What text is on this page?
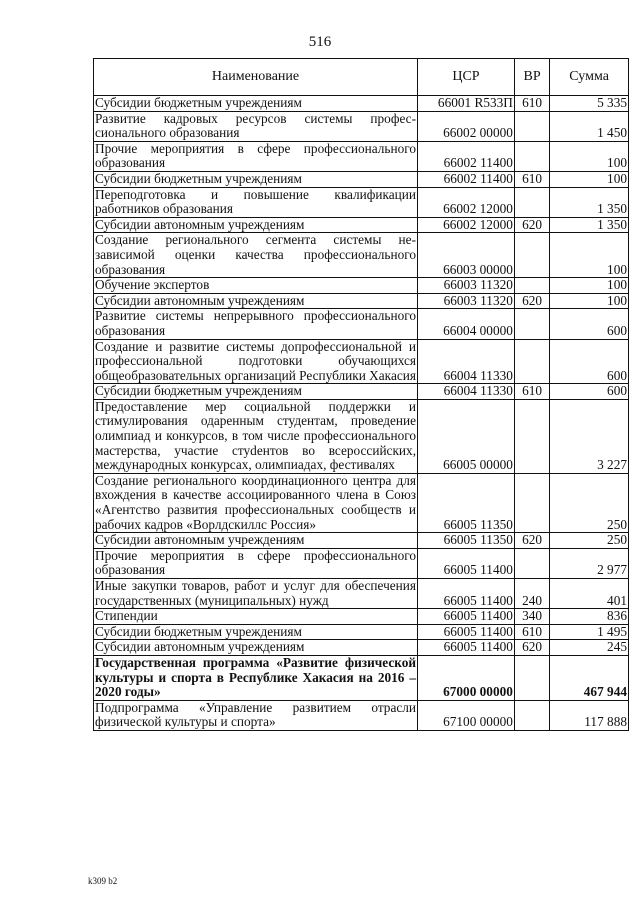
516
Наименование	ЦСР	ВР	Сумма
Субсидии бюджетным учреждениям	66001 R533П	610	5 335
Развитие кадровых ресурсов системы профессионального образования	66002 00000		1 450
Прочие мероприятия в сфере профессионального образования	66002 11400		100
Субсидии бюджетным учреждениям	66002 11400	610	100
Переподготовка и повышение квалификации работников образования	66002 12000		1 350
Субсидии автономным учреждениям	66002 12000	620	1 350
Создание регионального сегмента системы независимой оценки качества профессионального образования	66003 00000		100
Обучение экспертов	66003 11320		100
Субсидии автономным учреждениям	66003 11320	620	100
Развитие системы непрерывного профессионального образования	66004 00000		600
Создание и развитие системы допрофессиональной и профессиональной подготовки обучающихся общеобразовательных организаций Республики Хакасия	66004 11330		600
Субсидии бюджетным учреждениям	66004 11330	610	600
Предоставление мер социальной поддержки и стимулирования одаренным студентам, проведение олимпиад и конкурсов, в том числе профессионального мастерства, участие стуdентов во всероссийских, международных конкурсах, олимпиадах, фестивалях	66005 00000		3 227
Создание регионального координационного центра для вхождения в качестве ассоциированного члена в Союз «Агентство развития профессиональных сообществ и рабочих кадров «Ворлдскиллс Россия»	66005 11350		250
Субсидии автономным учреждениям	66005 11350	620	250
Прочие мероприятия в сфере профессионального образования	66005 11400		2 977
Иные закупки товаров, работ и услуг для обеспечения государственных (муниципальных) нужд	66005 11400	240	401
Стипендии	66005 11400	340	836
Субсидии бюджетным учреждениям	66005 11400	610	1 495
Субсидии автономным учреждениям	66005 11400	620	245
Государственная программа «Развитие физической культуры и спорта в Республике Хакасия на 2016 – 2020 годы»	67000 00000		467 944
Подпрограмма «Управление развитием отрасли физической культуры и спорта»	67100 00000		117 888
k309 b2
